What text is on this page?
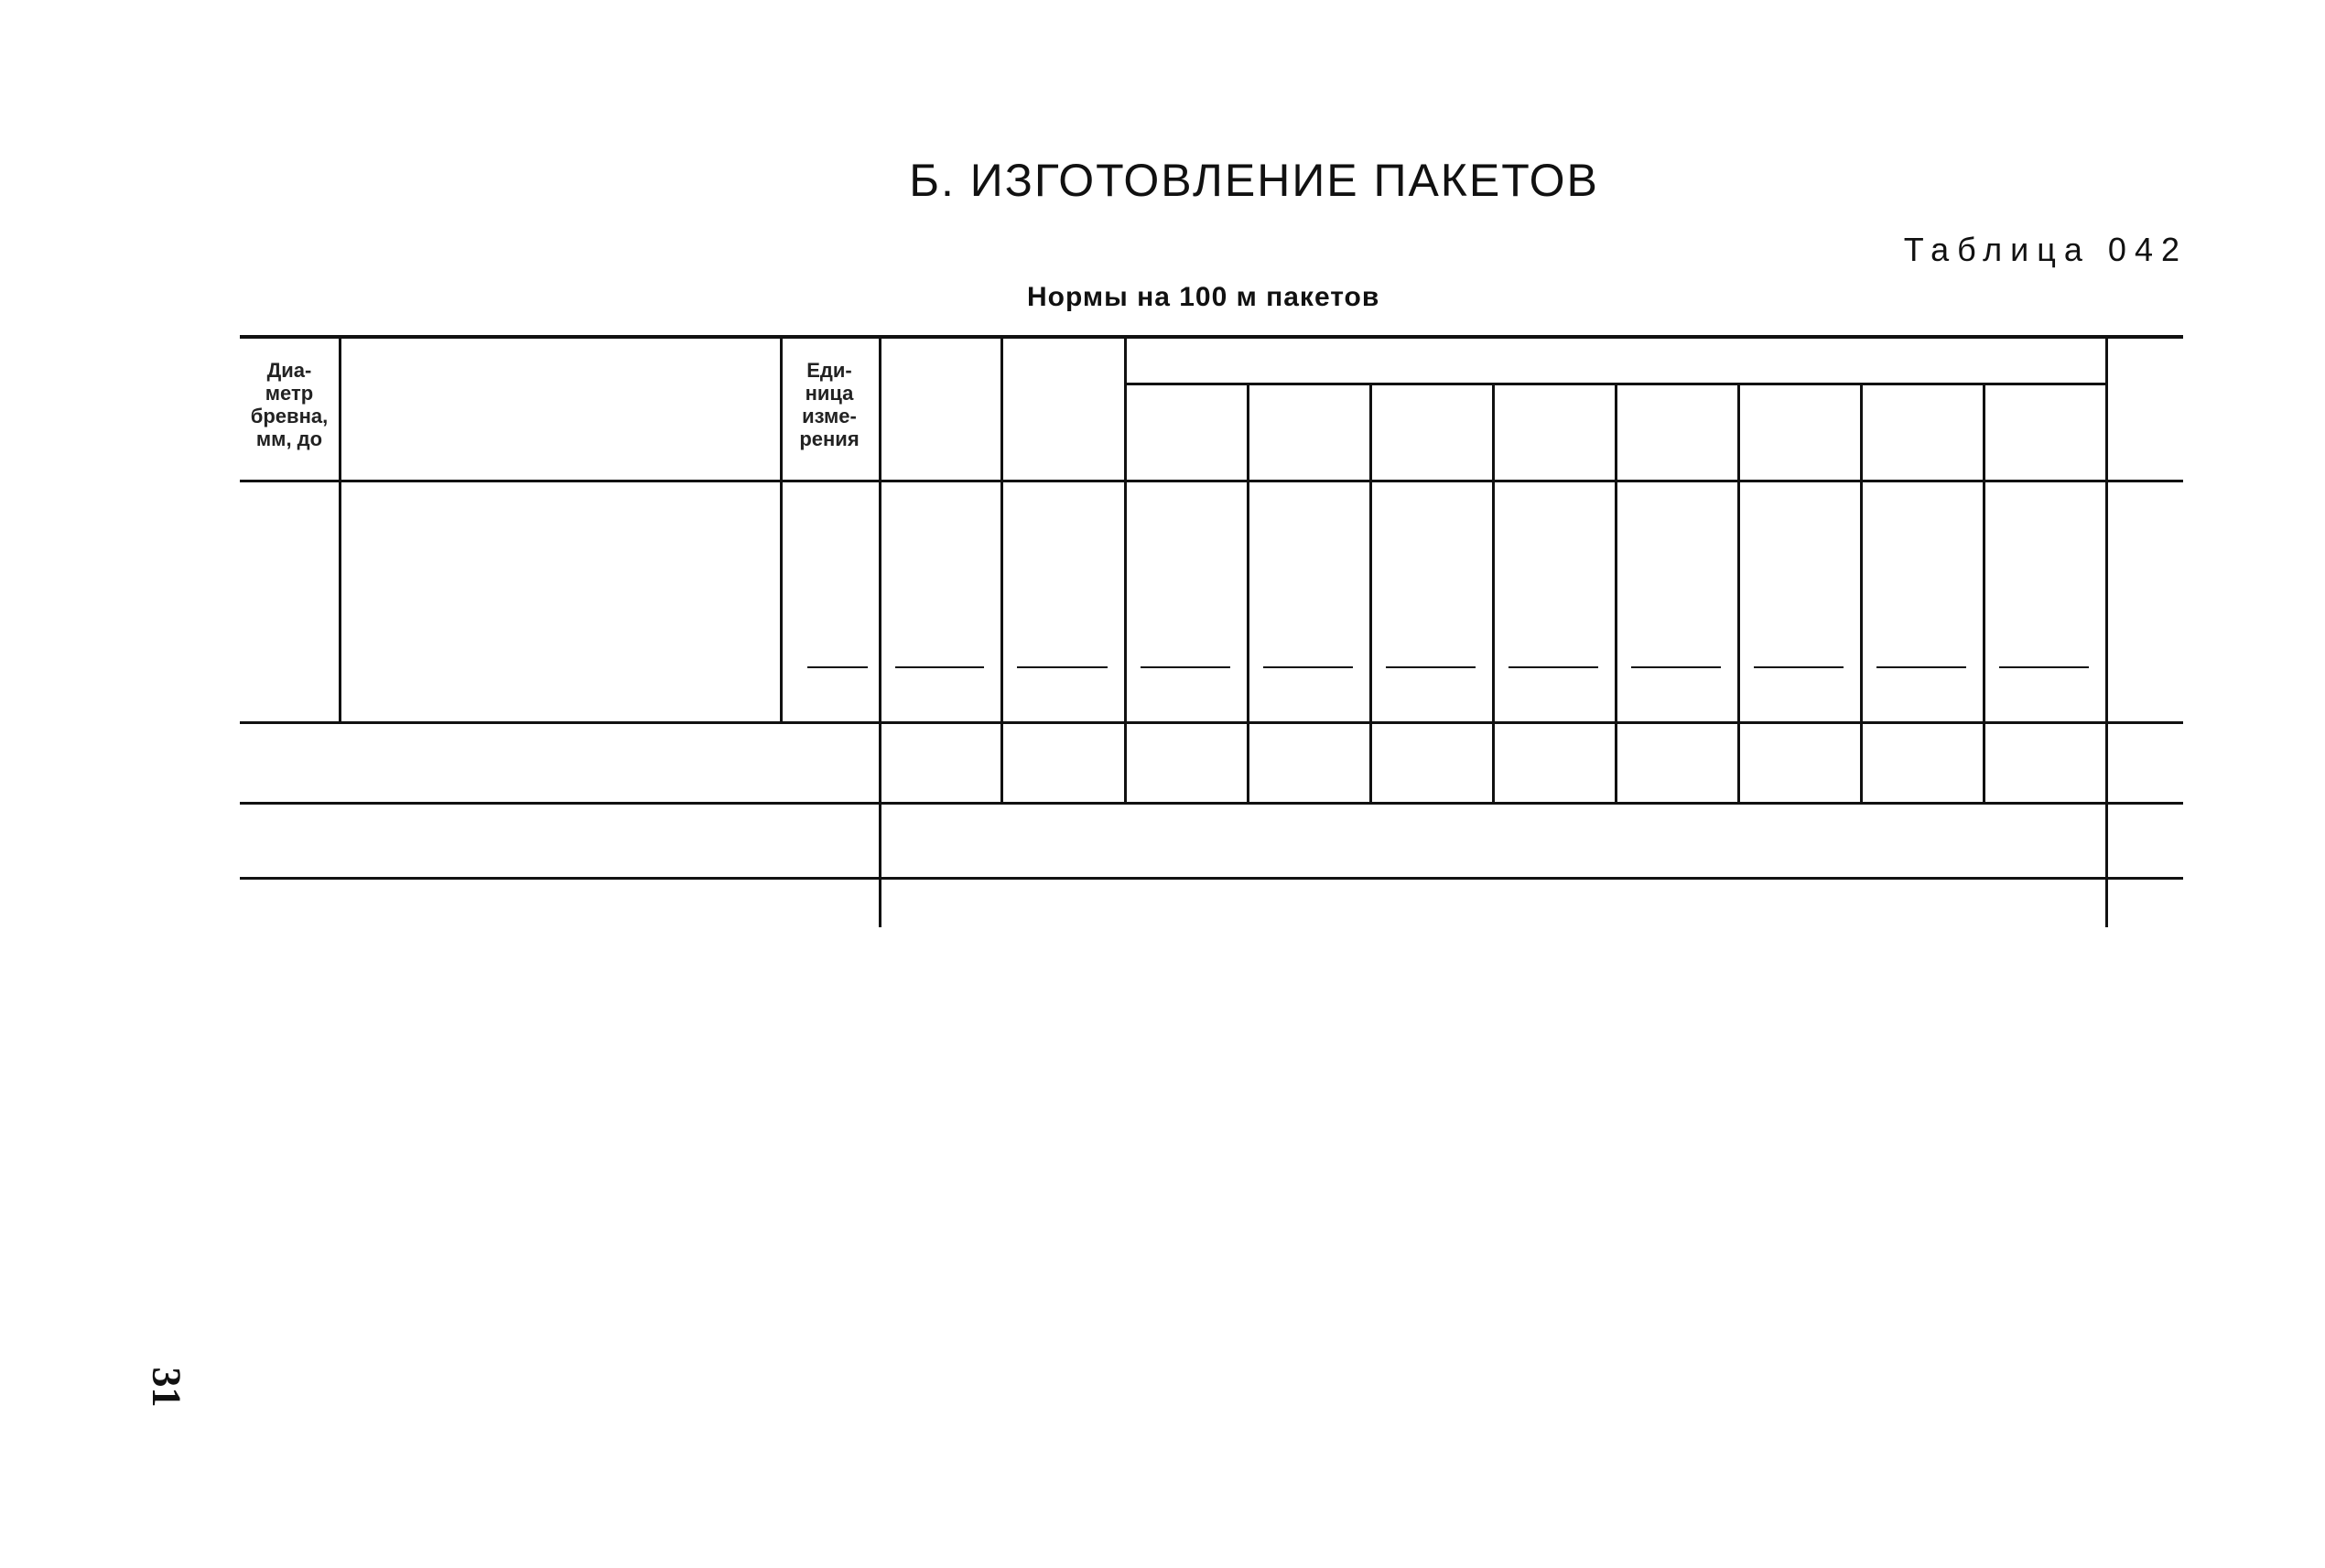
Б. ИЗГОТОВЛЕНИЕ ПАКЕТОВ
Таблица 042
Нормы на 100 м пакетов
Диа-
метр
бревна,
мм, до
Еди-
ница
изме-
рения
31
